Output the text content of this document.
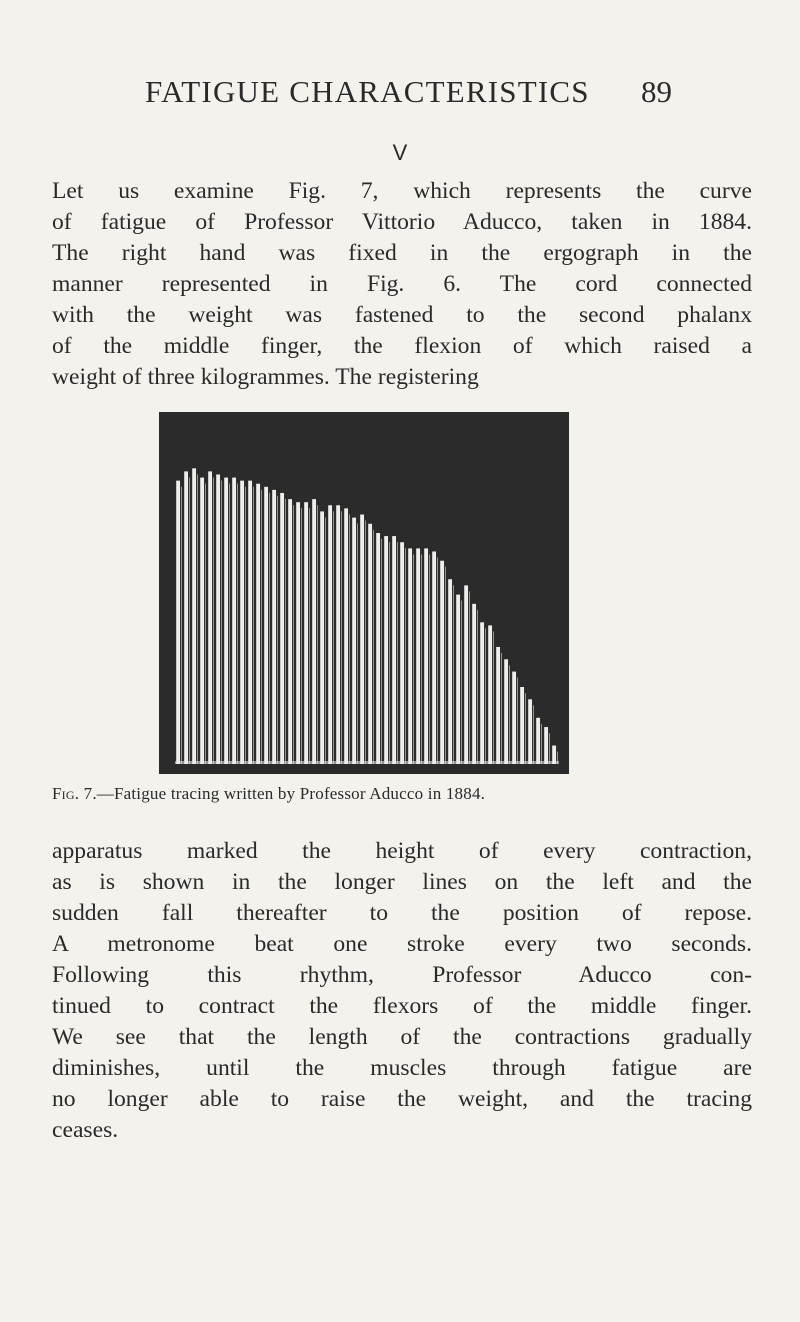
FATIGUE CHARACTERISTICS 89
V
Let us examine Fig. 7, which represents the curve
of fatigue of Professor Vittorio Aducco, taken in 1884.
The right hand was fixed in the ergograph in the
manner represented in Fig. 6. The cord connected
with the weight was fastened to the second phalanx
of the middle finger, the flexion of which raised a
weight of three kilogrammes. The registering
Fig. 7.—Fatigue tracing written by Professor Aducco in 1884.
apparatus marked the height of every contraction,
as is shown in the longer lines on the left and the
sudden fall thereafter to the position of repose.
A metronome beat one stroke every two seconds.
Following this rhythm, Professor Aducco con-
tinued to contract the flexors of the middle finger.
We see that the length of the contractions gradually
diminishes, until the muscles through fatigue are
no longer able to raise the weight, and the tracing
ceases.
